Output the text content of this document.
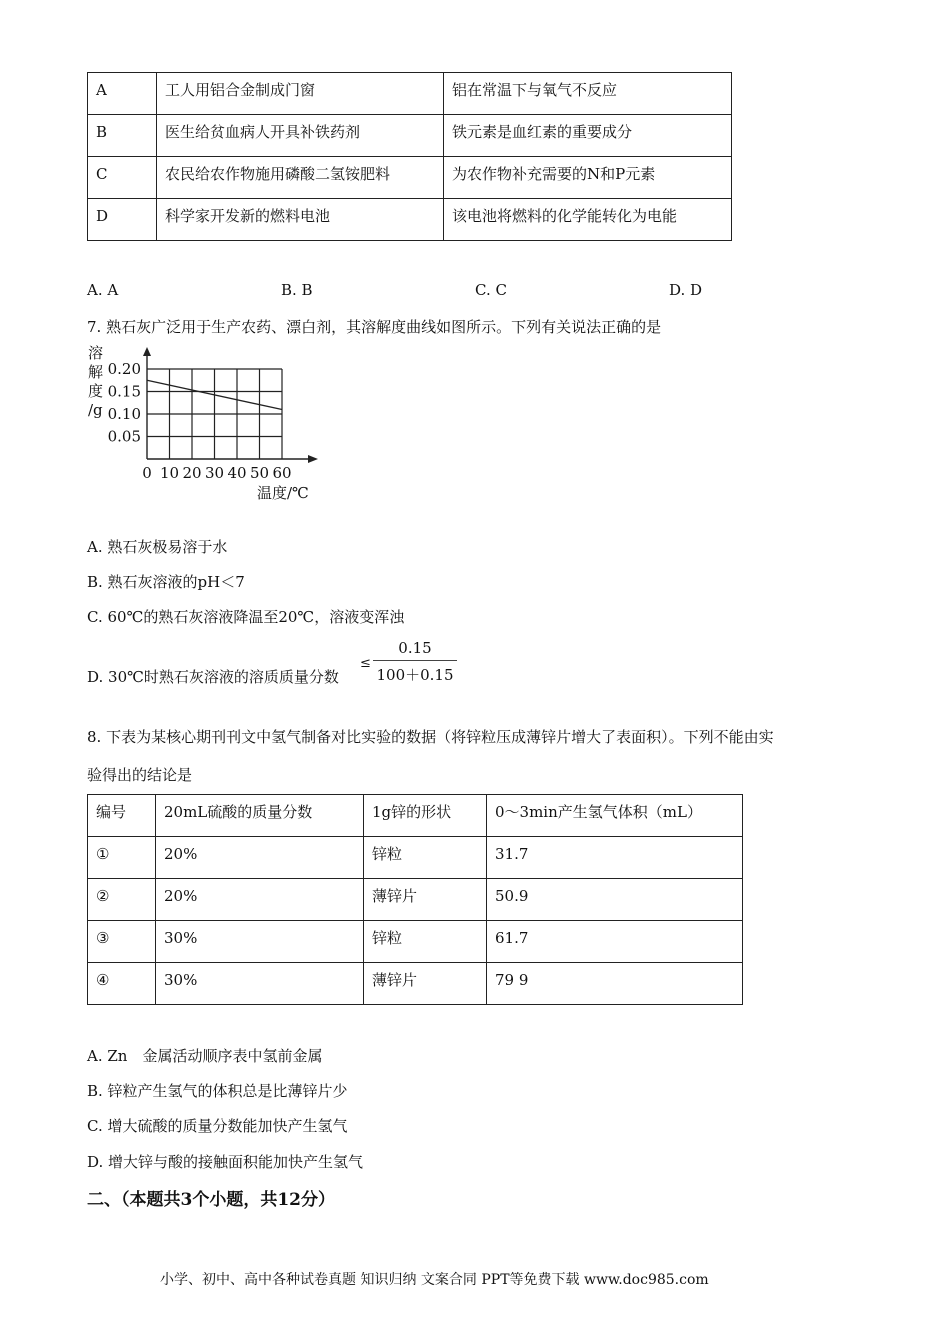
A	工人用铝合金制成门窗	铝在常温下与氧气不反应
B	医生给贫血病人开具补铁药剂	铁元素是血红素的重要成分
C	农民给农作物施用磷酸二氢铵肥料	为农作物补充需要的N和P元素
D	科学家开发新的燃料电池	该电池将燃料的化学能转化为电能
A. A	B. B	C. C	D. D
7. 熟石灰广泛用于生产农药、漂白剂，其溶解度曲线如图所示。下列有关说法正确的是
0 10 20 30 40 50 60
0.20
0.15
0.10
0.05
溶
解
度
/g
温度/℃
A. 熟石灰极易溶于水
B. 熟石灰溶液的pH＜7
C. 60℃的熟石灰溶液降温至20℃，溶液变浑浊
D. 30℃时熟石灰溶液的溶质质量分数
≤ $\frac{0.15}{100+0.15}$
8. 下表为某核心期刊刊文中氢气制备对比实验的数据（将锌粒压成薄锌片增大了表面积）。下列不能由实
验得出的结论是
编号	20mL硫酸的质量分数	1g锌的形状	0～3min产生氢气体积（mL）
①	20%	锌粒	31.7
②	20%	薄锌片	50.9
③	30%	锌粒	61.7
④	30%	薄锌片	79 9
A. Zn　金属活动顺序表中氢前金属
B. 锌粒产生氢气的体积总是比薄锌片少
C. 增大硫酸的质量分数能加快产生氢气
D. 增大锌与酸的接触面积能加快产生氢气
二、（本题共3个小题，共12分）
小学、初中、高中各种试卷真题 知识归纳 文案合同 PPT等免费下载 www.doc985.com
